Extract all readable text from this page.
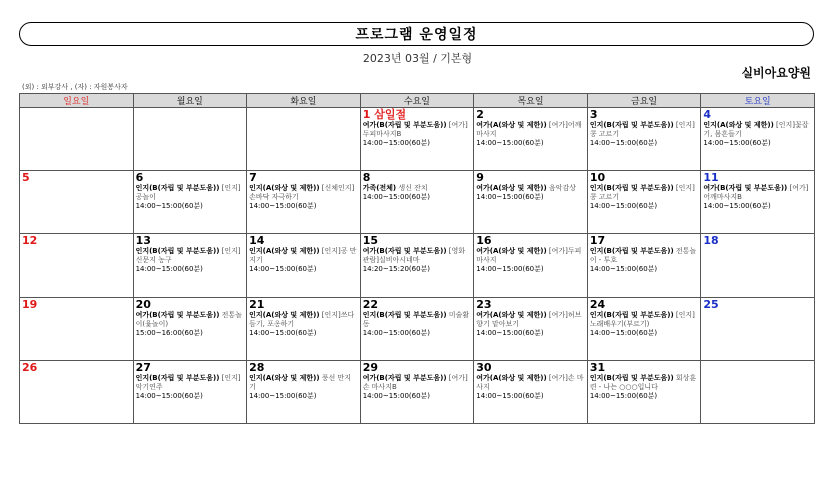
프로그램 운영일정
2023년 03월 / 기본형
실비아요양원
(외) : 외부강사 , (자) : 자원봉사자
일요일	월요일	화요일	수요일	목요일	금요일	토요일

			1 삼일절
여가(B(자립 및 부분도움)) [여가]두피마사지B
14:00~15:00(60분)	2
여가(A(와상 및 제한)) [여가]어깨 마사지
14:00~15:00(60분)	3
인지(B(자립 및 부분도움)) [인지]콩 고르기
14:00~15:00(60분)	4
인지(A(와상 및 제한)) [인지]꽃잡기, 몸흔들기
14:00~15:00(60분)

5	6
인지(B(자립 및 부분도움)) [인지]공놀이
14:00~15:00(60분)	7
인지(A(와상 및 제한)) [신체인지]손바닥 자극하기
14:00~15:00(60분)	8
가족(전체) 생신 잔치
14:00~15:00(60분)	9
여가(A(와상 및 제한)) 음악감상
14:00~15:00(60분)	10
인지(B(자립 및 부분도움)) [인지]콩 고르기
14:00~15:00(60분)	11
여가(B(자립 및 부분도움)) [여가]어깨마사지B
14:00~15:00(60분)

12	13
인지(B(자립 및 부분도움)) [인지]신문지 농구
14:00~15:00(60분)	14
인지(A(와상 및 제한)) [인지]공 만지기
14:00~15:00(60분)	15
여가(B(자립 및 부분도움)) [영화관람]실비아시네마
14:20~15:20(60분)	16
여가(A(와상 및 제한)) [여가]두피마사지
14:00~15:00(60분)	17
인지(B(자립 및 부분도움)) 전통놀이 - 투호
14:00~15:00(60분)	18

19	20
여가(B(자립 및 부분도움)) 전통놀이(윷놀이)
15:00~16:00(60분)	21
인지(A(와상 및 제한)) [인지]쓰다듬기, 포옹하기
14:00~15:00(60분)	22
인지(B(자립 및 부분도움)) 미술활동
14:00~15:00(60분)	23
여가(A(와상 및 제한)) [여가]허브향기 맡아보기
14:00~15:00(60분)	24
인지(B(자립 및 부분도움)) [인지]노래배우기(부르기)
14:00~15:00(60분)	25

26	27
인지(B(자립 및 부분도움)) [인지]악기연주
14:00~15:00(60분)	28
인지(A(와상 및 제한)) 풍선 만지기
14:00~15:00(60분)	29
여가(B(자립 및 부분도움)) [여가]손 마사지B
14:00~15:00(60분)	30
여가(A(와상 및 제한)) [여가]손 마사지
14:00~15:00(60분)	31
인지(B(자립 및 부분도움)) 회상훈련 - 나는 ○○○입니다
14:00~15:00(60분)	
